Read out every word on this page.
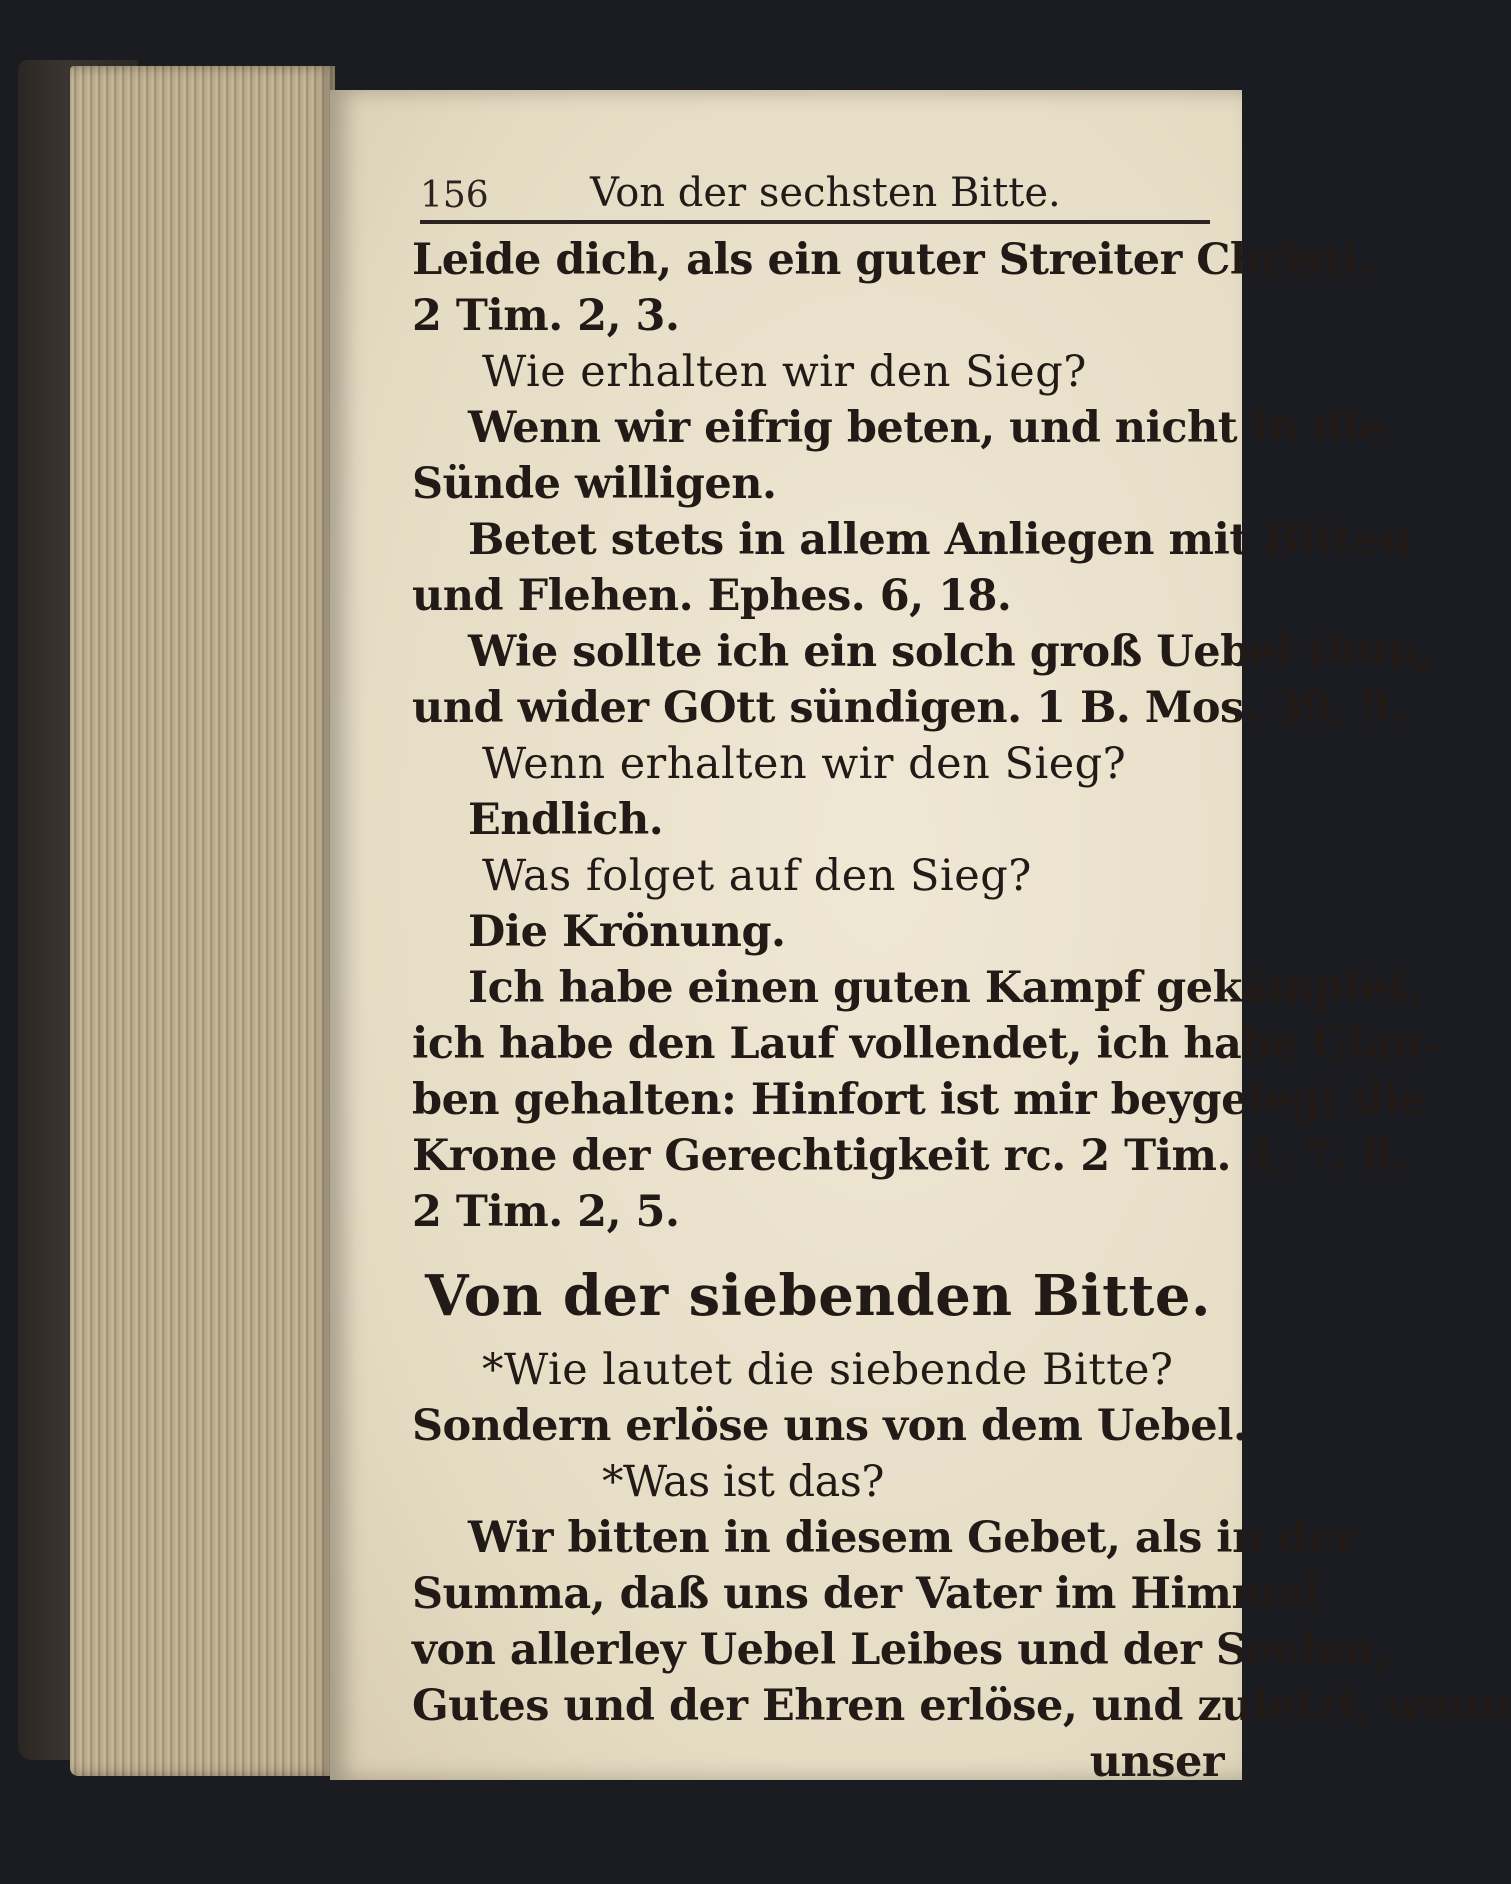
156	Von der sechsten Bitte.
Leide dich, als ein guter Streiter Christi.
2 Tim. 2, 3.
Wie erhalten wir den Sieg?
Wenn wir eifrig beten, und nicht in die
Sünde willigen.
Betet stets in allem Anliegen mit Bitten
und Flehen. Ephes. 6, 18.
Wie sollte ich ein solch groß Uebel thun,
und wider GOtt sündigen. 1 B. Mos. 39, 9.
Wenn erhalten wir den Sieg?
Endlich.
Was folget auf den Sieg?
Die Krönung.
Ich habe einen guten Kampf gekämpfet,
ich habe den Lauf vollendet, ich habe Glau-
ben gehalten: Hinfort ist mir beygelegt die
Krone der Gerechtigkeit rc. 2 Tim. 4, 7. 8.
2 Tim. 2, 5.
Von der siebenden Bitte.
*Wie lautet die siebende Bitte?
Sondern erlöse uns von dem Uebel.
*Was ist das?
Wir bitten in diesem Gebet, als in der
Summa, daß uns der Vater im Himmel
von allerley Uebel Leibes und der Seelen,
Gutes und der Ehren erlöse, und zuletzt, wenn
unser
